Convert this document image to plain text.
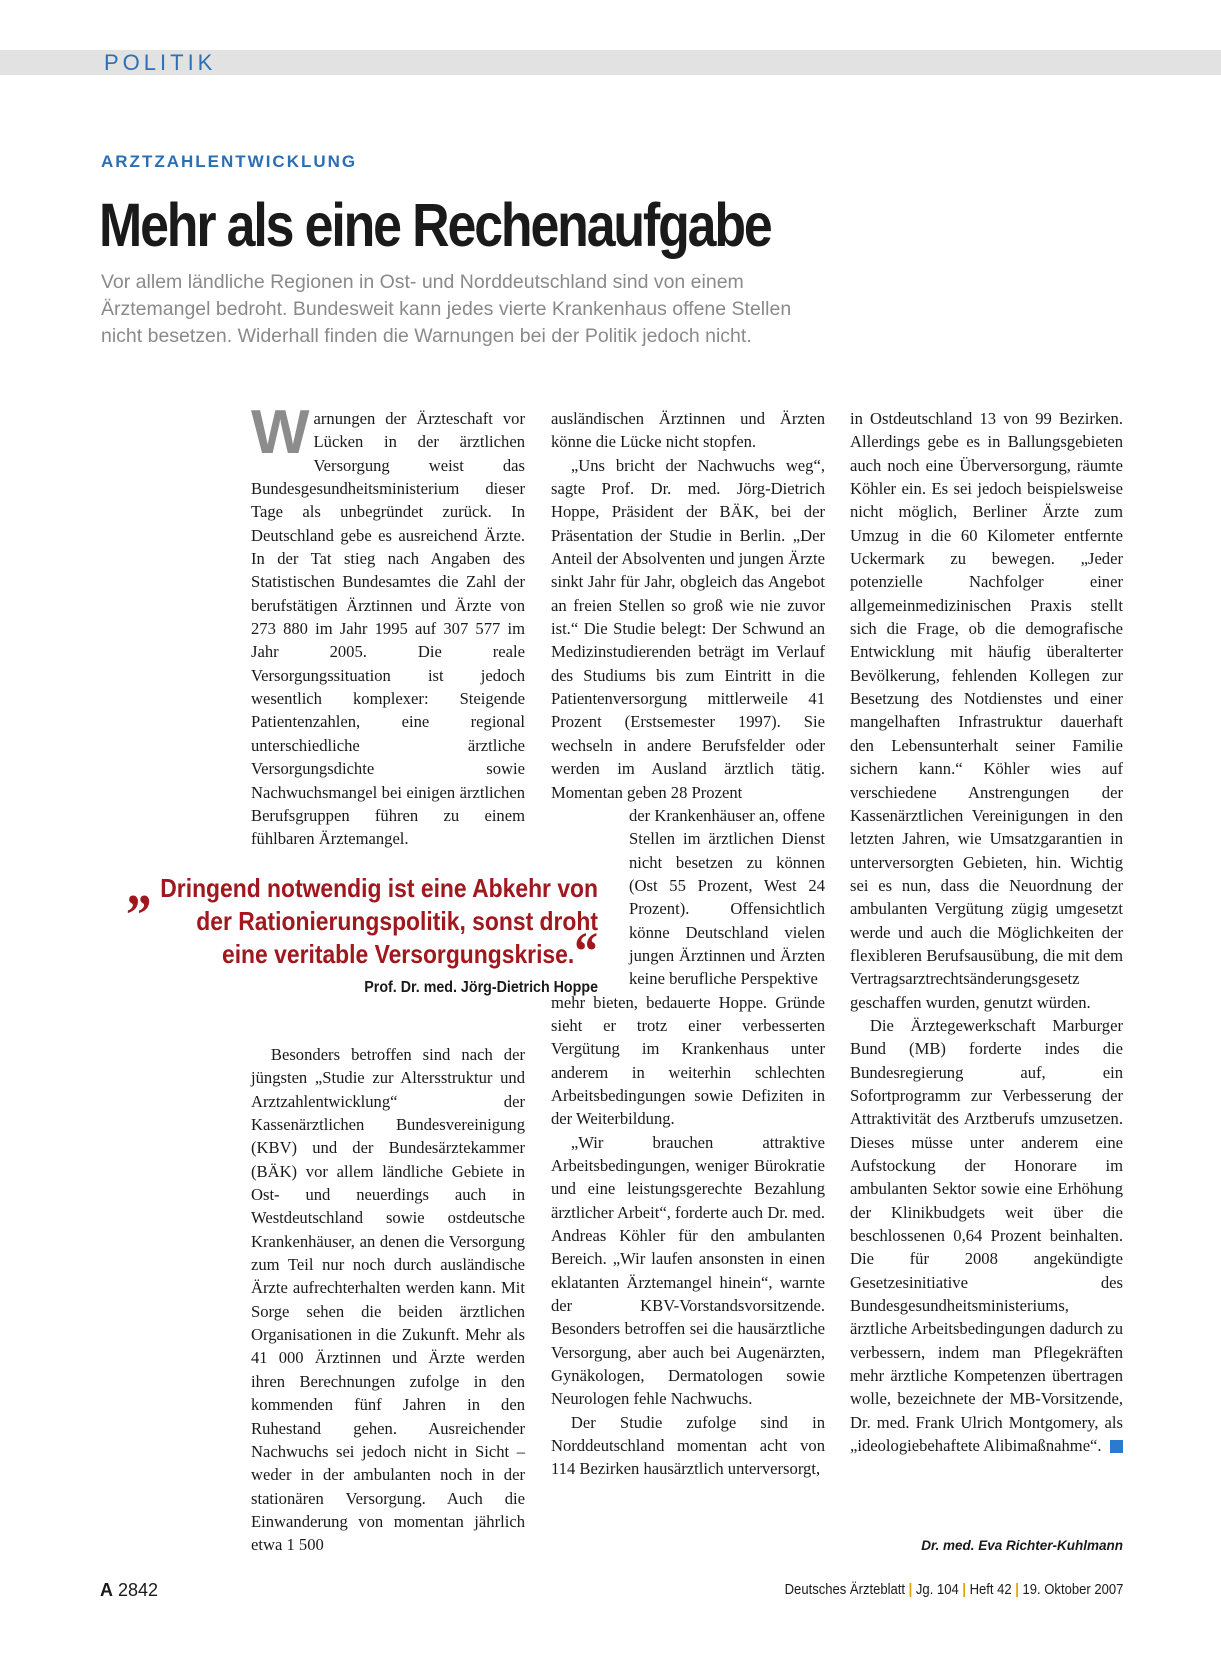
POLITIK
ARZTZAHLENTWICKLUNG
Mehr als eine Rechenaufgabe
Vor allem ländliche Regionen in Ost- und Norddeutschland sind von einem
Ärztemangel bedroht. Bundesweit kann jedes vierte Krankenhaus offene Stellen
nicht besetzen. Widerhall finden die Warnungen bei der Politik jedoch nicht.
W arnungen der Ärzteschaft vor Lücken in der ärztlichen Versorgung weist das Bundesgesundheitsministerium dieser Tage als unbegründet zurück. In Deutschland gebe es ausreichend Ärzte. In der Tat stieg nach Angaben des Statistischen Bundesamtes die Zahl der berufstätigen Ärztinnen und Ärzte von 273 880 im Jahr 1995 auf 307 577 im Jahr 2005. Die reale Versorgungssituation ist jedoch wesentlich komplexer: Steigende Patientenzahlen, eine regional unterschiedliche ärztliche Versorgungsdichte sowie Nachwuchsmangel bei einigen ärztlichen Berufsgruppen führen zu einem fühlbaren Ärztemangel.

Besonders betroffen sind nach der jüngsten „Studie zur Altersstruktur und Arztzahlentwicklung“ der Kassenärztlichen Bundesvereinigung (KBV) und der Bundesärztekammer (BÄK) vor allem ländliche Gebiete in Ost- und neuerdings auch in Westdeutschland sowie ostdeutsche Krankenhäuser, an denen die Versorgung zum Teil nur noch durch ausländische Ärzte aufrechterhalten werden kann. Mit Sorge sehen die beiden ärztlichen Organisationen in die Zukunft. Mehr als 41 000 Ärztinnen und Ärzte werden ihren Berechnungen zufolge in den kommenden fünf Jahren in den Ruhestand gehen. Ausreichender Nachwuchs sei jedoch nicht in Sicht – weder in der ambulanten noch in der stationären Versorgung. Auch die Einwanderung von momentan jährlich etwa 1 500

„ Dringend notwendig ist eine Abkehr von der Rationierungspolitik, sonst droht eine veritable Versorgungskrise.“
Prof. Dr. med. Jörg-Dietrich Hoppe

ausländischen Ärztinnen und Ärzten könne die Lücke nicht stopfen.

„Uns bricht der Nachwuchs weg“, sagte Prof. Dr. med. Jörg-Dietrich Hoppe, Präsident der BÄK, bei der Präsentation der Studie in Berlin. „Der Anteil der Absolventen und jungen Ärzte sinkt Jahr für Jahr, obgleich das Angebot an freien Stellen so groß wie nie zuvor ist.“ Die Studie belegt: Der Schwund an Medizinstudierenden beträgt im Verlauf des Studiums bis zum Eintritt in die Patientenversorgung mittlerweile 41 Prozent (Erstsemester 1997). Sie wechseln in andere Berufsfelder oder werden im Ausland ärztlich tätig. Momentan geben 28 Prozent

der Krankenhäuser an, offene Stellen im ärztlichen Dienst nicht besetzen zu können (Ost 55 Prozent, West 24 Prozent). Offensichtlich könne Deutschland vielen jungen Ärztinnen und Ärzten keine berufliche Perspektive

mehr bieten, bedauerte Hoppe. Gründe sieht er trotz einer verbesserten Vergütung im Krankenhaus unter anderem in weiterhin schlechten Arbeitsbedingungen sowie Defiziten in der Weiterbildung.

„Wir brauchen attraktive Arbeitsbedingungen, weniger Bürokratie und eine leistungsgerechte Bezahlung ärztlicher Arbeit“, forderte auch Dr. med. Andreas Köhler für den ambulanten Bereich. „Wir laufen ansonsten in einen eklatanten Ärztemangel hinein“, warnte der KBV-Vorstandsvorsitzende. Besonders betroffen sei die hausärztliche Versorgung, aber auch bei Augenärzten, Gynäkologen, Dermatologen sowie Neurologen fehle Nachwuchs.

Der Studie zufolge sind in Norddeutschland momentan acht von 114 Bezirken hausärztlich unterversorgt,

in Ostdeutschland 13 von 99 Bezirken. Allerdings gebe es in Ballungsgebieten auch noch eine Überversorgung, räumte Köhler ein. Es sei jedoch beispielsweise nicht möglich, Berliner Ärzte zum Umzug in die 60 Kilometer entfernte Uckermark zu bewegen. „Jeder potenzielle Nachfolger einer allgemeinmedizinischen Praxis stellt sich die Frage, ob die demografische Entwicklung mit häufig überalterter Bevölkerung, fehlenden Kollegen zur Besetzung des Notdienstes und einer mangelhaften Infrastruktur dauerhaft den Lebensunterhalt seiner Familie sichern kann.“ Köhler wies auf verschiedene Anstrengungen der Kassenärztlichen Vereinigungen in den letzten Jahren, wie Umsatzgarantien in unterversorgten Gebieten, hin. Wichtig sei es nun, dass die Neuordnung der ambulanten Vergütung zügig umgesetzt werde und auch die Möglichkeiten der flexibleren Berufsausübung, die mit dem Vertragsarztrechtsänderungsgesetz geschaffen wurden, genutzt würden.

Die Ärztegewerkschaft Marburger Bund (MB) forderte indes die Bundesregierung auf, ein Sofortprogramm zur Verbesserung der Attraktivität des Arztberufs umzusetzen. Dieses müsse unter anderem eine Aufstockung der Honorare im ambulanten Sektor sowie eine Erhöhung der Klinikbudgets weit über die beschlossenen 0,64 Prozent beinhalten. Die für 2008 angekündigte Gesetzesinitiative des Bundesgesundheitsministeriums, ärztliche Arbeitsbedingungen dadurch zu verbessern, indem man Pflegekräften mehr ärztliche Kompetenzen übertragen wolle, bezeichnete der MB-Vorsitzende, Dr. med. Frank Ulrich Montgomery, als „ideologiebehaftete Alibimaßnahme“.

Dr. med. Eva Richter-Kuhlmann
A 2842	Deutsches Ärzteblatt | Jg. 104 | Heft 42 | 19. Oktober 2007
